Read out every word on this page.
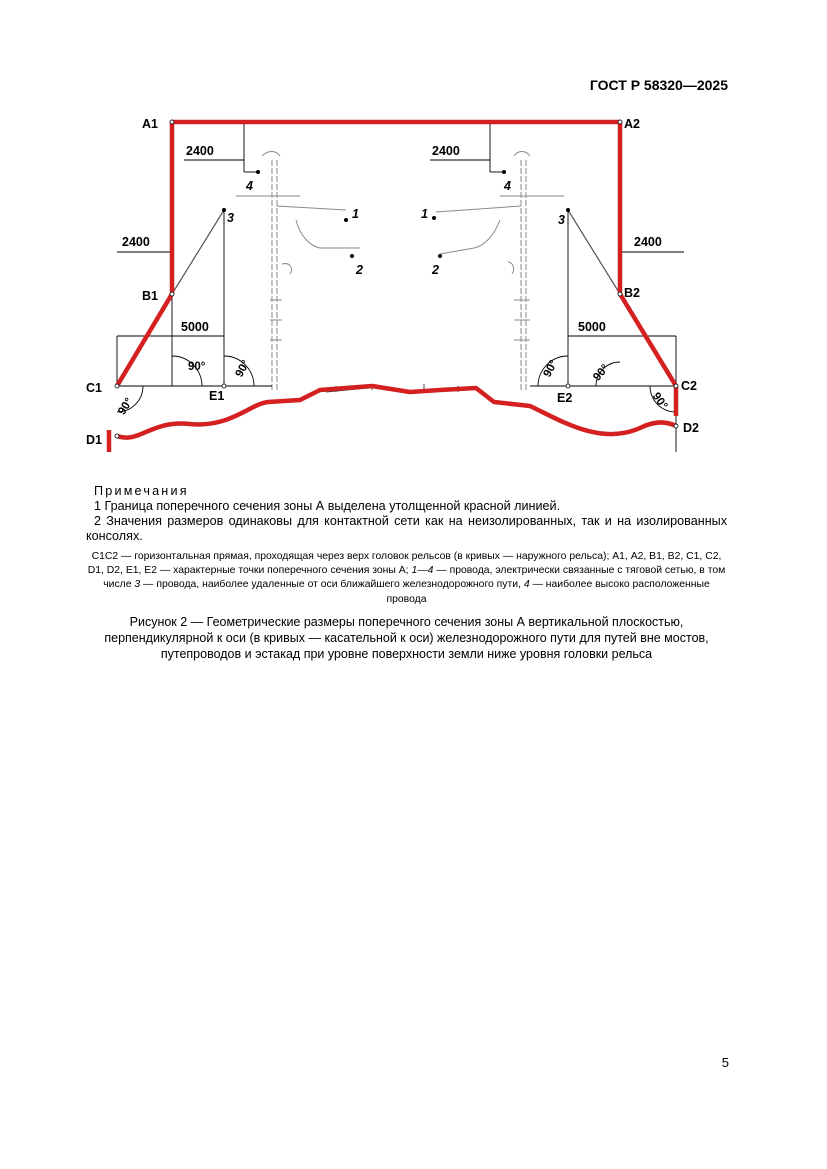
ГОСТ Р 58320—2025
A1	A2
B1	B2
C1	C2
D1
D2
E1	E2
2400	2400
2400	2400
5000	5000
90° 90°
90°
90°	90°
90°
4	4
1	1
2	2
3	3
Примечания
1 Граница поперечного сечения зоны А выделена утолщенной красной линией.
2 Значения размеров одинаковы для контактной сети как на неизолированных, так и на изолированных консолях.
С1С2 — горизонтальная прямая, проходящая через верх головок рельсов (в кривых — наружного рельса); А1, А2, В1, В2, С1, С2, D1, D2, Е1, Е2 — характерные точки поперечного сечения зоны А; 1—4 — провода, электрически связанные с тяговой сетью, в том числе 3 — провода, наиболее удаленные от оси ближайшего железнодорожного пути, 4 — наиболее высоко расположенные провода
Рисунок 2 — Геометрические размеры поперечного сечения зоны А вертикальной плоскостью, перпендикулярной к оси (в кривых — касательной к оси) железнодорожного пути для путей вне мостов, путепроводов и эстакад при уровне поверхности земли ниже уровня головки рельса
5
